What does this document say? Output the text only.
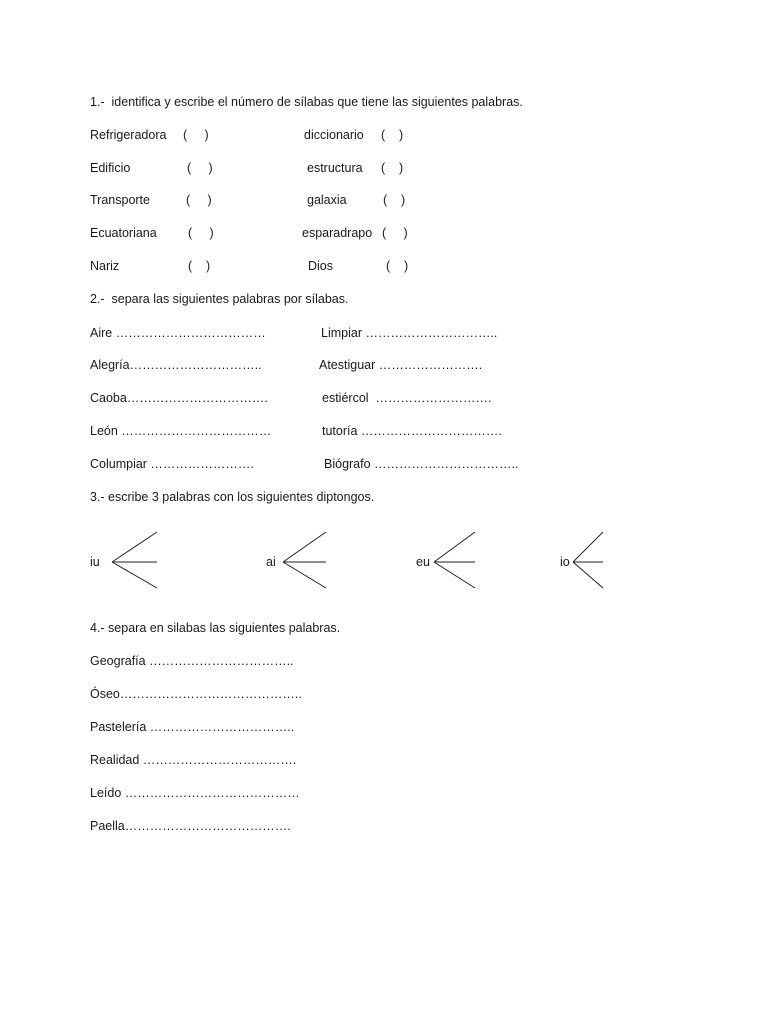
1.-  identifica y escribe el número de sílabas que tiene las siguientes palabras.
Refrigeradora (     )	diccionario (    )
Edificio	(     )	estructura (    )
Transporte	(     )	galaxia	(    )
Ecuatoriana	(     )	esparadrapo (     )
Nariz	(    )	Dios	(    )
2.-  separa las siguientes palabras por sílabas.
Aire ………………………………	Limpiar …………………………..
Alegría…………………………..	Atestiguar …………………….
Caoba…………………………….	estiércol  ……………………….
León ………………………………	tutoría …………………………….
Columpiar …………………….	Biógrafo ……………………………..
3.- escribe 3 palabras con los siguientes diptongos.
iu	ai	eu	io
4.- separa en silabas las siguientes palabras.
Geografía ……………………………..
Óseo……………………………………..
Pastelería ……………………………..
Realidad ……………………………….
Leído ……………………………………
Paella………………………………….
